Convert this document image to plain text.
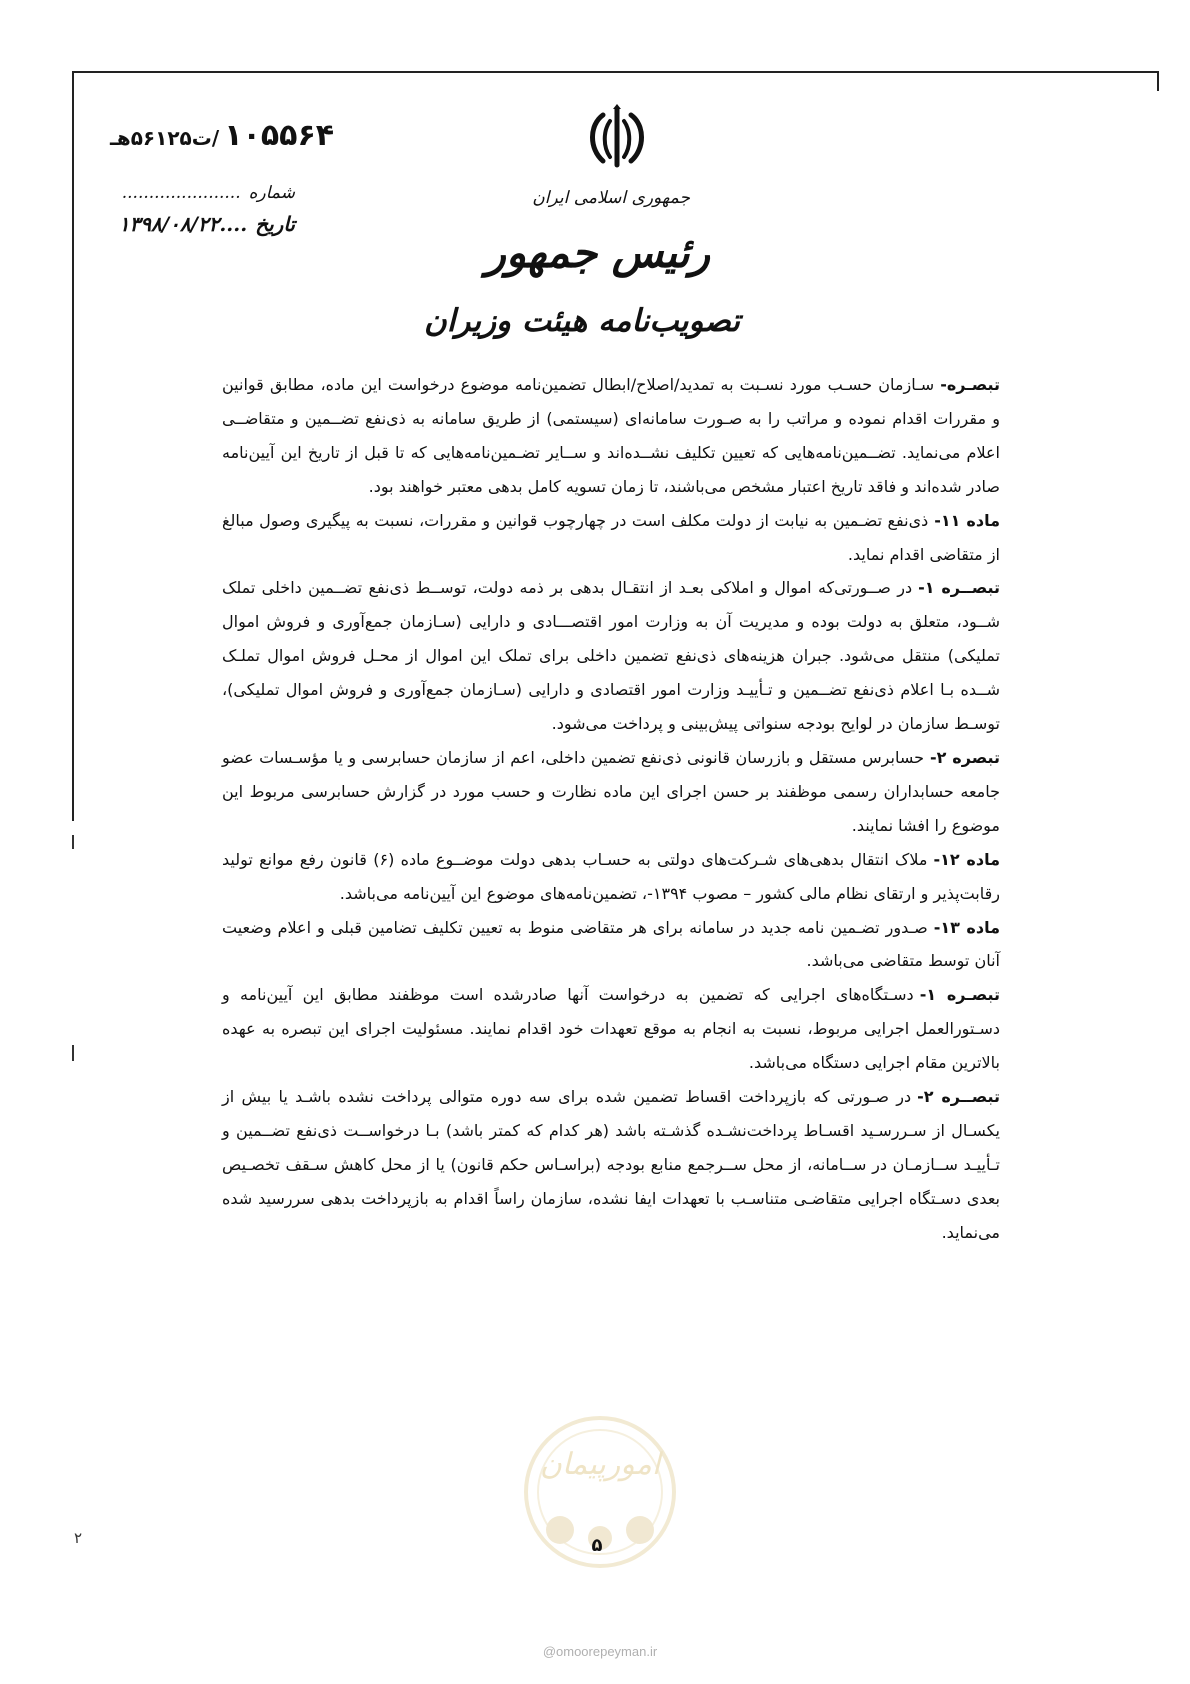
۲
جمهوری اسلامی ایران
رئیس جمهور
تصویب‌نامه هیئت وزیران
۱۰۵۵۶۴ /ت۵۶۱۲۵هـ
شماره......................
تاریخ....۱۳۹۸/۰۸/۲۲

تبصـره-سـازمان حسـب مورد نسـبت به تمدید/اصلاح/ابطال تضمین‌نامه موضوع درخواست این ماده، مطابق قوانین و مقررات اقدام نموده و مراتب را به صـورت سامانه‌ای (سیستمی) از طریق سامانه به ذی‌نفع تضــمین و متقاضــی اعلام می‌نماید. تضــمین‌نامه‌هایی که تعیین تکلیف نشــده‌اند و ســایر تضـمین‌نامه‌هایی که تا قبل از تاریخ این آیین‌نامه صادر شده‌اند و فاقد تاریخ اعتبار مشخص می‌باشند، تا زمان تسویه کامل بدهی معتبر خواهند بود.

ماده ۱۱-ذی‌نفع تضـمین به نیابت از دولت مکلف است در چهارچوب قوانین و مقررات، نسبت به پیگیری وصول مبالغ از متقاضی اقدام نماید.

تبصــره ۱-در صــورتی‌که اموال و املاکی بعـد از انتقـال بدهی بر ذمه دولت، توســط ذی‌نفع تضــمین داخلی تملک شــود، متعلق به دولت بوده و مدیریت آن به وزارت امور اقتصـــادی و دارایی (سـازمان جمع‌آوری و فروش اموال تملیکی) منتقل می‌شود. جبران هزینه‌های ذی‌نفع تضمین داخلی برای تملک این اموال از محـل فروش اموال تملـک شــده بـا اعلام ذی‌نفع تضــمین و تـأییـد وزارت امور اقتصادی و دارایی (سـازمان جمع‌آوری و فروش اموال تملیکی)، توسـط سازمان در لوایح بودجه سنواتی پیش‌بینی و پرداخت می‌شود.

تبصره ۲-حسابرس مستقل و بازرسان قانونی ذی‌نفع تضمین داخلی، اعم از سازمان حسابرسی و یا مؤسـسات عضو جامعه حسابداران رسمی موظفند بر حسن اجرای این ماده نظارت و حسب مورد در گزارش حسابرسی مربوط این موضوع را افشا نمایند.

ماده ۱۲-ملاک انتقال بدهی‌های شـرکت‌های دولتی به حسـاب بدهی دولت موضــوع ماده (۶) قانون رفع موانع تولید رقابت‌پذیر و ارتقای نظام مالی کشور – مصوب ۱۳۹۴-، تضمین‌نامه‌های موضوع این آیین‌نامه می‌باشد.

ماده ۱۳-صـدور تضـمین نامه جدید در سامانه برای هر متقاضی منوط به تعیین تکلیف تضامین قبلی و اعلام وضعیت آنان توسط متقاضی می‌باشد.

تبصـره ۱-دسـتگاه‌های اجرایی که تضمین به درخواست آنها صادرشده است موظفند مطابق این آیین‌نامه و دسـتورالعمل اجرایی مربوط، نسبت به انجام به موقع تعهدات خود اقدام نمایند. مسئولیت اجرای این تبصره به عهده بالاترین مقام اجرایی دستگاه می‌باشد.

تبصــره ۲-در صـورتی که بازپرداخت اقساط تضمین شده برای سه دوره متوالی پرداخت نشده باشـد یا بیش از یکسـال از سـررسـید اقسـاط پرداخت‌نشـده گذشـته باشد (هر کدام که کمتر باشد) بـا درخواســت ذی‌نفع تضــمین و تـأییـد ســازمـان در ســامانه، از محل ســرجمع منابع بودجه (براسـاس حکم قانون) یا از محل کاهش سـقف تخصـیص بعدی دسـتگاه اجرایی متقاضـی متناسـب با تعهدات ایفا نشده، سازمان راساً اقدام به بازپرداخت بدهی سررسید شده می‌نماید.

امورپیمان
۵
@omoorepeyman.ir
